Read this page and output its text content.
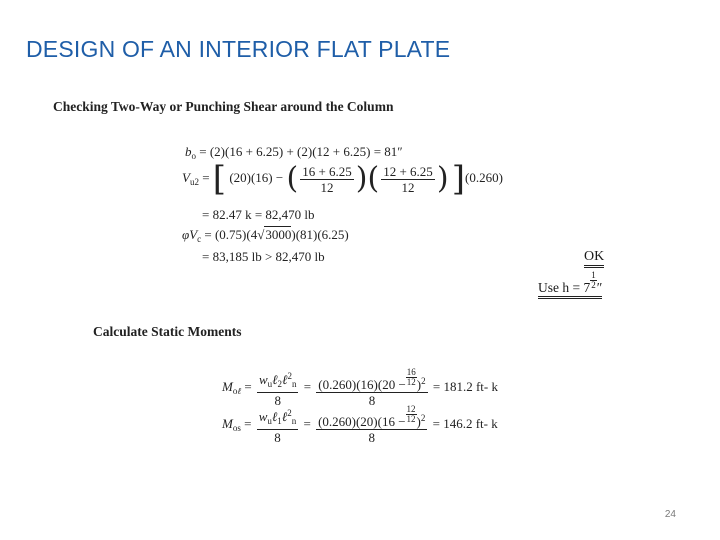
DESIGN OF AN INTERIOR FLAT PLATE
Checking Two-Way or Punching Shear around the Column
$b_o = (2)(16 + 6.25) + (2)(12 + 6.25) = 81''$
$V_{u2}$ = [ (20)(16) − ( $\frac{16 + 6.25}{12}$ )( $\frac{12 + 6.25}{12}$ ) ](0.260)
= 82.47 k = 82,470 lb
$\varphi V_c = (0.75)(4√3000)(81)(6.25)$
= 83,185 lb > 82,470 lb	OK
Use $h = 7 \frac{1}{2}$ ″
Calculate Static Moments
$M_{o\ell} = \frac{w_u\ell_2\ell^2_n}{8} = \frac{(0.260)(16)(20 - \frac{16}{12} )^2}{8} = 181.2$ ft- k
$M_{os} = \frac{w_u\ell_1\ell^2_n}{8} = \frac{(0.260)(20)(16 - \frac{12}{12} )^2}{8} = 146.2$ ft- k
24
